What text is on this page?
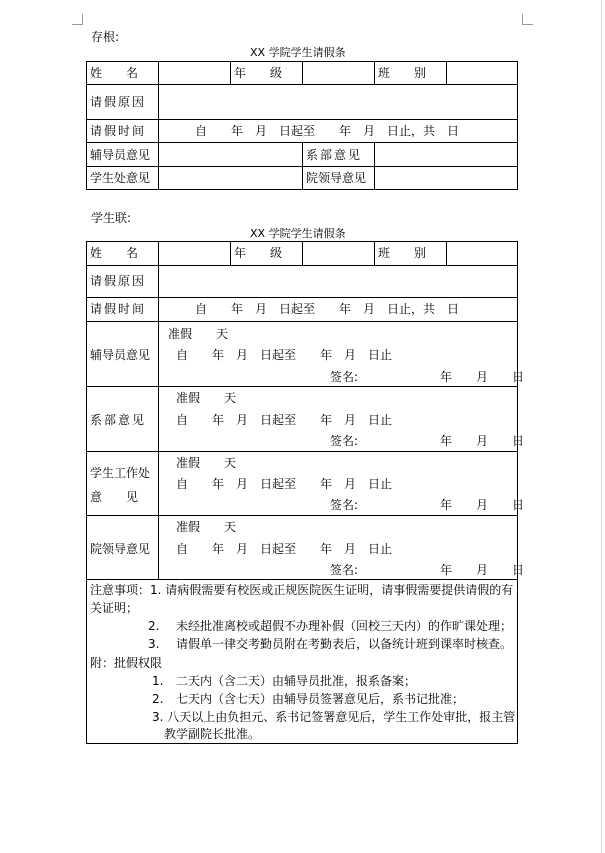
存根:
XX 学院学生请假条
姓　　名	年　　级	班　　别
请假原因
请假时间	自　　年　月　日起至　　年　月　日止，共　日
辅导员意见	系部意见
学生处意见	院领导意见
学生联:
XX 学院学生请假条
姓　　名	年　　级	班　　别
请假原因
请假时间	自　　年　月　日起至　　年　月　日止，共　日
辅导员意见
准假　　天
自　　年　月　日起至　　年　月　日止
签名:	年　　月　　日
系部意见
准假　　天
自　　年　月　日起至　　年　月　日止
签名:	年　　月　　日
学生工作处
意　　见
准假　　天
自　　年　月　日起至　　年　月　日止
签名:	年　　月　　日
院领导意见
准假　　天
自　　年　月　日起至　　年　月　日止
签名:	年　　月　　日
注意事项：1. 请病假需要有校医或正规医院医生证明，请事假需要提供请假的有
关证明；
2. 未经批准离校或超假不办理补假（回校三天内）的作旷课处理；
3. 请假单一律交考勤员附在考勤表后，以备统计班到课率时核查。
附：批假权限
1. 二天内（含二天）由辅导员批准，报系备案；
2. 七天内（含七天）由辅导员签署意见后，系书记批准；
3. 八天以上由负担元、系书记签署意见后，学生工作处审批，报主管
教学副院长批准。
